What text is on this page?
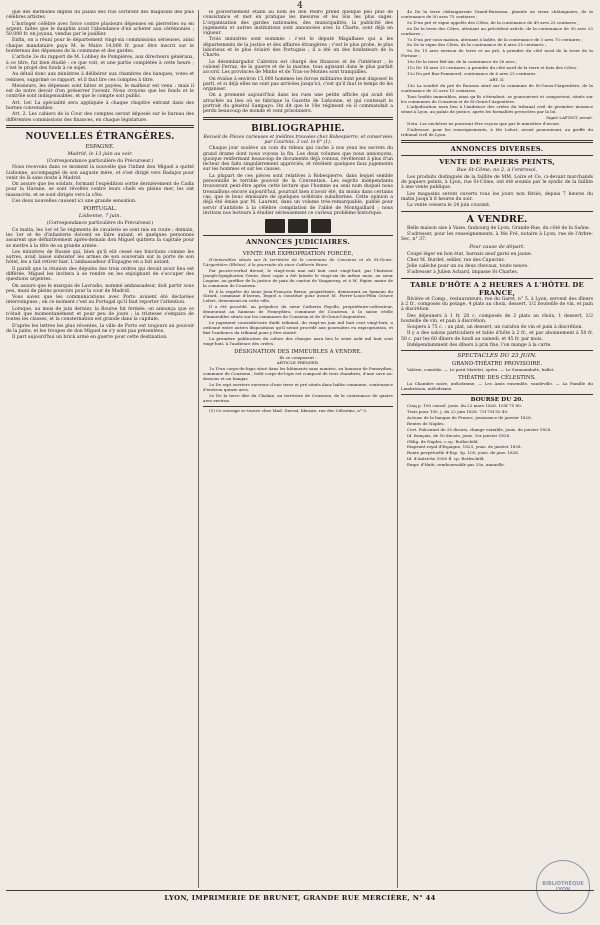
4

que des méthodes dignes du palais des rois sortirent des magasins des plus célèbres artistes.

L'horloger célèbre avec force contre plusieurs dépenses en pierreries ou en argent, faites que le dauphin avait l'abondance d'en acheter aux cérémonies ; 50,000 fr. en joyaux, vendus par le joaillier.

Enfin, on a réuni pour le département vingt-six commissions sérieuses, ainsi chaque mandataire paya M. le Maire 14,000 fr. pour être inscrit sur le bordereau des dépenses de la commune et des gardes.

L'article 2e du rapport de M. Lobbey de Pompières, aux directeurs généraux, à ce titre, fut bien étudié : ce que voit, et une partie complétée à cette heure ; c'est le projet des fonds à ce sujet.

Au détail donc aux ministres à délibérer aux chambres des banques, votes et remises, supprimé ce rapport, et il faut lire ces comptes à titre.

Messieurs, les dépenses sont faites et payées, le malheur est venu : mais il est de notre devoir d'en préserver l'avenir. Nous croyons que les fonds et le contrôle sont indispensables, et que le compte soit public.

Art. 1er. La spécialité sera appliquée à chaque chapitre entrant dans des bornes convenables.

Art. 2. Les cahiers de la Cour des comptes seront déposés sur le bureau des différentes commissions des finances, en chaque législature.

NOUVELLES ÉTRANGÈRES.
ESPAGNE.
Madrid, le 13 juin au soir.

(Correspondance particulière du Précurseur.)

Nous recevons dans ce moment la nouvelle que l'infant don Miguel a quitté Lisbonne, accompagné de son auguste mère, et s'est dirigé vers Badajoz pour venir de là sans doute à Madrid.

On assure que les soldats, formant l'expédition sortie dernièrement de Cadix pour la Havane, se sont révoltés contre leurs chefs en pleine mer, les ont massacrés, et se sont dirigés vers la côte.

Ces deux nouvelles causent ici une grande sensation.

PORTUGAL.
Lisbonne, 7 juin.

(Correspondance particulière du Précurseur.)

Ce matin, les 1er et 5e régiments de cavalerie se sont mis en route ; demain, les 1er et 4e d'infanterie doivent se faire autant, et quelques personnes assurent que définitivement après-demain don Miguel quittera la capitale pour se mettre à la tête de sa grande armée.

Les ministres de Russie qui, bien qu'il eût cessé ses fonctions comme les autres, avait laissé subsister les armes de son souverain sur la porte de son hôtel, les a fait retirer hier. L'ambassadeur d'Espagne en a fait autant.

Il paraît que la réunion des députés des trois ordres qui devait avoir lieu est différée. Miguel les invitera à se rendre en les enjoignant de s'occuper des questions urgentes.

On assure que le marquis de Lavradio, nommé ambassadeur, doit partir sous peu, muni de pleins pouvoirs pour la cour de Madrid.

Vous savez que les communications avec Porto avaient été déclarées interrompues ; en ce moment c'est au Portugal qu'il faut reporter l'attention.

Lorsque, au mois de juin dernier, la Bourse fut fermée, on annonça que ce n'était que momentanément et pour peu de jours ; la tristesse s'empara de toutes les classes, et la consternation est grande dans la capitale.

D'après les lettres les plus récentes, la ville de Porto est toujours au pouvoir de la junte, et les troupes de don Miguel ne s'y sont pas présentées.

Il part aujourd'hui un brick armé en guerre pour cette destination.

le gouvernement établi au nom de don Pedro prend quelque peu plus de consistance et met en pratique les mesures et les lois les plus sages. L'organisation des gardes nationales, des municipalités, la publicité des jugements et autres institutions sont annoncées avec la Charte, sont déjà en vigueur.

Trois ministres sont nommés : c'est le député Magalhaes qui a les départements de la justice et des affaires étrangères ; c'est le plus probe, le plus laborieux et le plus éclairé des Portugais ; il a été un des fondateurs de la Charte.

Le désembargador Cabreira est chargé des finances et de l'intérieur ; le colonel Ferraz, de la guerre et de la marine, tous agissant dans le plus parfait accord. Les provinces de Minho et de Tras-os-Montes sont tranquilles.

On évalue à environ 15,000 hommes les forces militaires dont peut disposer le parti, et si déjà elles ne sont pas arrivées jusqu'ici, c'est qu'il faut le temps de les organiser.

On a promené aujourd'hui dans les rues une petite affiche qui avait été arrachée au lieu où se fabrique la Gazette de Lisbonne, et qui contenait le portrait du général Sampayo. On dit que le 10e régiment où il commandait a perdu beaucoup de monde et cent prisonniers.

BIBLIOGRAPHIE.

Recueil de Pièces curieuses et inédites trouvées chez Robespierre, et conservées par Courtois. 3 vol. in-8° (1).

Chaque jour soulève un coin du rideau qui cache à nos yeux les secrets du grand drame dont nous voyons la fin. Les deux volumes que nous annonçons, quoique renfermant beaucoup de documents déjà connus, révéleront à plus d'un lecteur des faits singulièrement appréciés, et révèlent quelques faux jugements sur les hommes et sur les causes.

La plupart de ces pièces sont relatives à Robespierre, dans lequel semble personnifié le terrible pouvoir de la Convention. Les esprits indépendants trouveront peut-être après cette lecture que l'homme au seul nom duquel nous tressaillons encore aujourd'hui, pourrait bien n'avoir été, du moins dans certains cas, que le bouc émissaire de quelques scélérats subalternes. Cette opinion a déjà été émise par M. Laurent, dans un volume très-remarquable, publié pour servir d'antidote à la célèbre compilation de l'abbé de Montgaillard ; nous invitons nos lecteurs à étudier sérieusement ce curieux problème historique.

ANNONCES JUDICIAIRES.
VENTE PAR EXPROPRIATION FORCÉE,

D'immeubles situés sur le territoire de la commune de Couzieux et de St-Genis-l'Argentière (Rhône), à la poursuite de sieur Catherin Faure.

Par procès-verbal dressé, le vingt-trois mai mil huit cent vingt-huit, par l'huissier Joseph-Symphorien Gente, dont copie a été laissée le vingt-six du même mois, au sieur Lequier, au greffier de la justice de paix du canton de Vaugneray, et à M. Pipier, maire de la commune de Couzieux.

Et à la requête du sieur Jean-François Berne, propriétaire, demeurant au hameau du Girard, commune d'Izeron, lequel a constitué pour avoué M. Pierre-Louis-Félix Octave Lefort, demeurant en cette ville.

Il a été procédé, au préjudice du sieur Catherin Fayolle, propriétaire-cultivateur, demeurant au hameau de Pomeydieu, commune de Couzieux, à la saisie réelle d'immeubles situés sur les communes de Couzieux et de St-Genis-l'Argentière.

Le jugement contradictoire dudit tribunal, du vingt-un juin mil huit cent vingt-huit, a ordonné entre autres dispositions qu'il serait procédé aux poursuites en expropriation, et fixé l'audience du tribunal pour y être statué.

La première publication du cahier des charges aura lieu le seize août mil huit cent vingt-huit, à l'audience des criées.

DÉSIGNATION DES IMMEUBLES A VENDRE.

Ils se composent :

ARTICLE PREMIER.

1o D'un corps-de-logis situé dans les bâtiments sans numéro, au hameau de Pomeydieu, commune de Couzieux ; ledit corps-de-logis est composé de trois chambres, d'une cave au-dessous et un hangar.

2o De sept ouvriers environs d'une terre et pré situés dans ladite commune, contenance d'environ quinze ares.

3o De la terre dite du Chalaix, au territoire de Couzieux, de la contenance de quatre ares environ.

(1) Ce ouvrage se trouve chez Mad. Durval, libraire, rue des Célestins, n° 5.

4o De la terre châtaigneraie Grand-Ruisseau, plantée en vieux châtaigniers, de la contenance de 50 ares 75 centiares ;

5o D'un pré et vigne appelés des Côtes, de la contenance de 49 ares 25 centiares ;

6o De la terre des Côtes, attenant au précédent article, de la contenance de 30 ares 25 centiares ;

7o D'un pré sous maison, attenant à ladite, de la contenance de 3 ares 75 centiares ;

8o De la vigne des Côtes, de la contenance de 6 ares 25 centiares ;

9o De 15 ares environ de terre et un pré, à prendre du côté nord de la terre de la Fortune ;

10o De la terre Bel-Air, de la contenance de 26 ares ;

11o De 18 ares 25 centiares, à prendre du côté nord de la terre et bois des Côtes ;

12o Du pré Bas-Pommerol, contenance de 6 ares 25 centiares.

ART. II.

13o La totalité du pré de Ruisson situé sur la commune de St-Genis-l'Argentière, de la contenance de 32 ares 15 centiares.

Tous lesdits immeubles, ainsi qu'ils s'étendent, se poursuivent et comportent, situés sur les communes de Couzieux et de St-Genis-l'Argentière.

L'adjudication aura lieu à l'audience des criées du tribunal civil de première instance séant à Lyon, au palais de justice, après les formalités prescrites par la loi.

Signé LAFONT, avoué.

Nota. Les enchères ne pourront être reçues que par le ministère d'avoué.

S'adresser, pour les renseignements, à Me Lefort, avoué poursuivant, au greffe du tribunal civil de Lyon.

ANNONCES DIVERSES.
VENTE DE PAPIERS PEINTS,
Rue St-Côme, no 2, à l'entresol,

Les produits distingués de la faillite de MM. Loire et Ce, ci-devant marchands de papiers peints, à Lyon, rue St-Côme, ont été soumis par le syndic de la faillite à une vente publique.

Les magasins seront ouverts tous les jours non fériés, depuis 7 heures du matin jusqu'à 8 heures du soir.

La vente cessera le 24 juin courant.

A VENDRE.

Belle maison sise à Vaise, faubourg de Lyon, Grande-Rue, du côté de la Saône.

S'adresser, pour les renseignements, à Me Fré, notaire à Lyon, rue de l'Arbre-Sec, n° 37.

Pour cause de départ.

Coupé léger en bon état, harnais neuf garni en jaune.

Chez M. Burdet, sellier, rue des Capucins.

Jolie calèche pour un ou deux chevaux, toute neuve.

S'adresser à Julien Achard, impasse St-Charles.

TABLE D'HÔTE A 2 HEURES A L'HÔTEL DE FRANCE,

Rivière et Comp., restaurateurs, rue du Garet, n° 5, à Lyon, servent des dîners à 2 fr., composés du potage, 4 plats au choix, dessert, 1/2 bouteille de vin, et pain à discrétion.

Des déjeuners à 1 fr. 20 c. composés de 2 plats au choix, 1 dessert, 1/2 bouteille de vin, et pain à discrétion.

Soupers à 75 c. : un plat, un dessert, un carafon de vin et pain à discrétion.

Il y a des salons particuliers et table d'hôte à 2 fr., et par abonnement à 50 fr. 50 c. par les 60 dîners de lundi au samedi, et 45 fr. par mois.

Indépendamment des dîners à prix fixe, l'on mange à la carte.

SPECTACLES DU 23 JUIN.
GRAND-THÉATRE PROVISOIRE.

Valérie, comédie. — Le petit Matelot, opéra. — Le Somnambule, ballet.

THÉATRE DES CÉLESTINS.

La Chambre noire, mélodrame. — Les Amis ensemble, vaudeville. — La Famille du Lambrisson, mélodrame.

BOURSE DU 20.

Cinq p. 100 consol. jouis. du 22 mars 1828. 105f 75 80.

Trois pour 100, j. du 22 juin 1828. 72f 75f 50 40.

Actions de la banque de France, jouissance de janvier 1828.

Rentes de Naples.

Cert. Falconnet de 25 ducats, change variable, jouis. de janvier 1828.

Id. français, de 50 ducats, jouis. 1er janvier 1828.

Oblig. de Naples, c.cp. Rothschild.

Emprunt royal d'Espagne, 1823, jouis. de janvier 1828.

Rente perpétuelle d'Esp. 5p. 100, jouis. de janv. 1828.

Id. d'Autriche 1000 fl. cp. Rothschild.

Empr. d'Haïti, remboursable par 25e, annuelle.

LYON, IMPRIMERIE DE BRUNET, GRANDE RUE MERCIÈRE, N° 44
BIBLIOTHÈQUE
LYON
